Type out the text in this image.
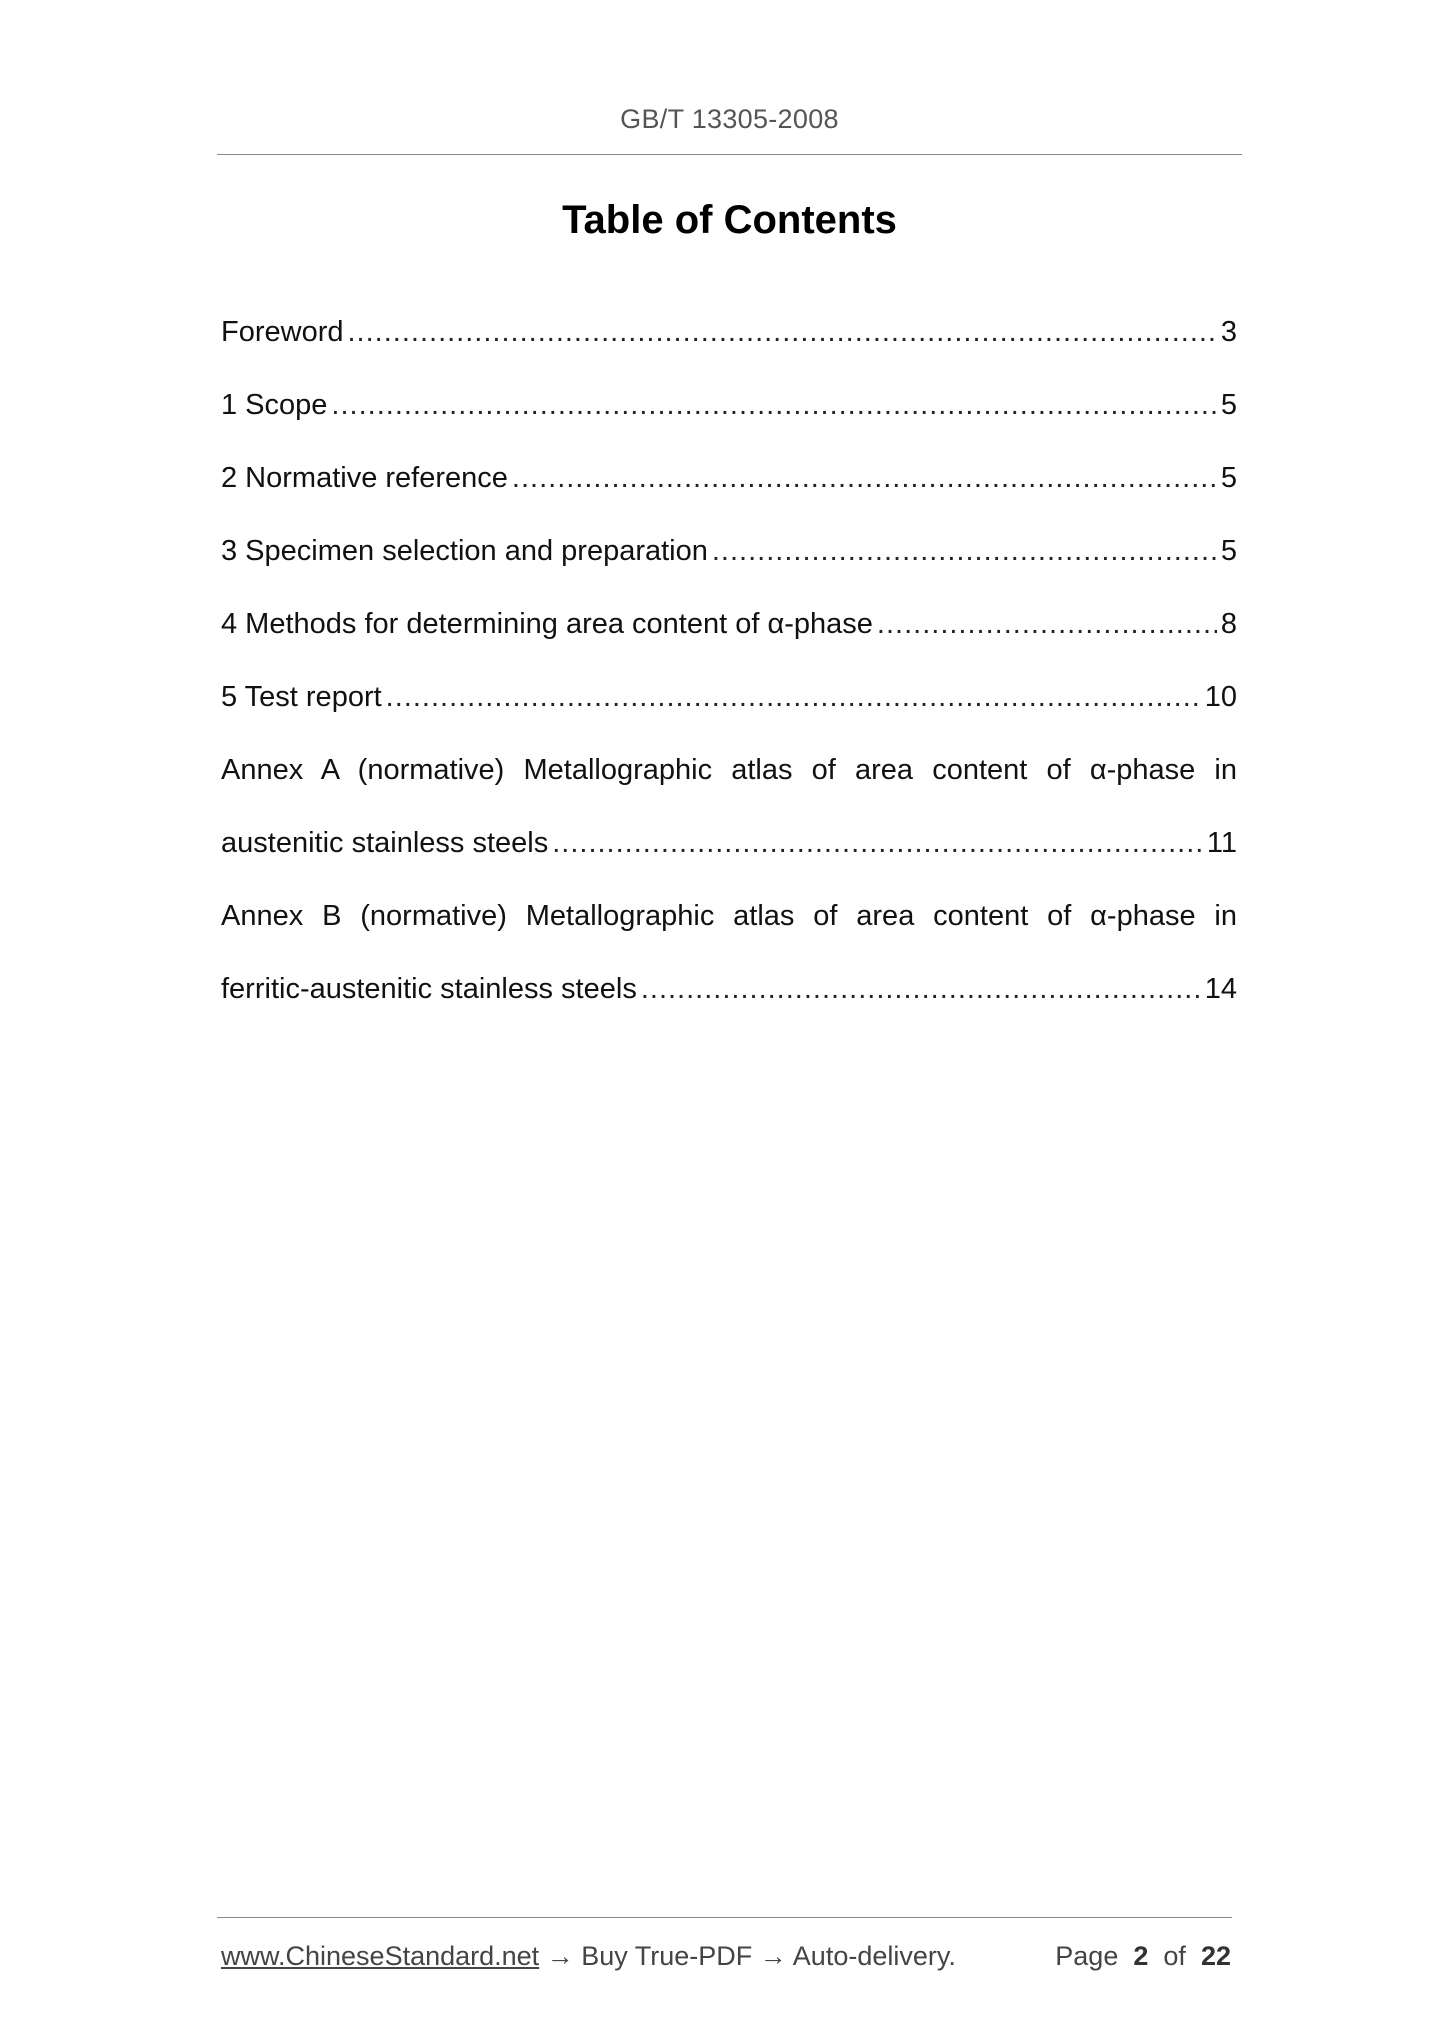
GB/T 13305-2008
Table of Contents
Foreword .....	3
1 Scope .....	5
2 Normative reference .....	5
3 Specimen selection and preparation .....	5
4 Methods for determining area content of α-phase .....	8
5 Test report .....	10
Annex A (normative) Metallographic atlas of area content of α-phase in
austenitic stainless steels .....	11
Annex B (normative) Metallographic atlas of area content of α-phase in
ferritic-austenitic stainless steels .....	14
www.ChineseStandard.net → Buy True-PDF → Auto-delivery.	Page 2 of 22
